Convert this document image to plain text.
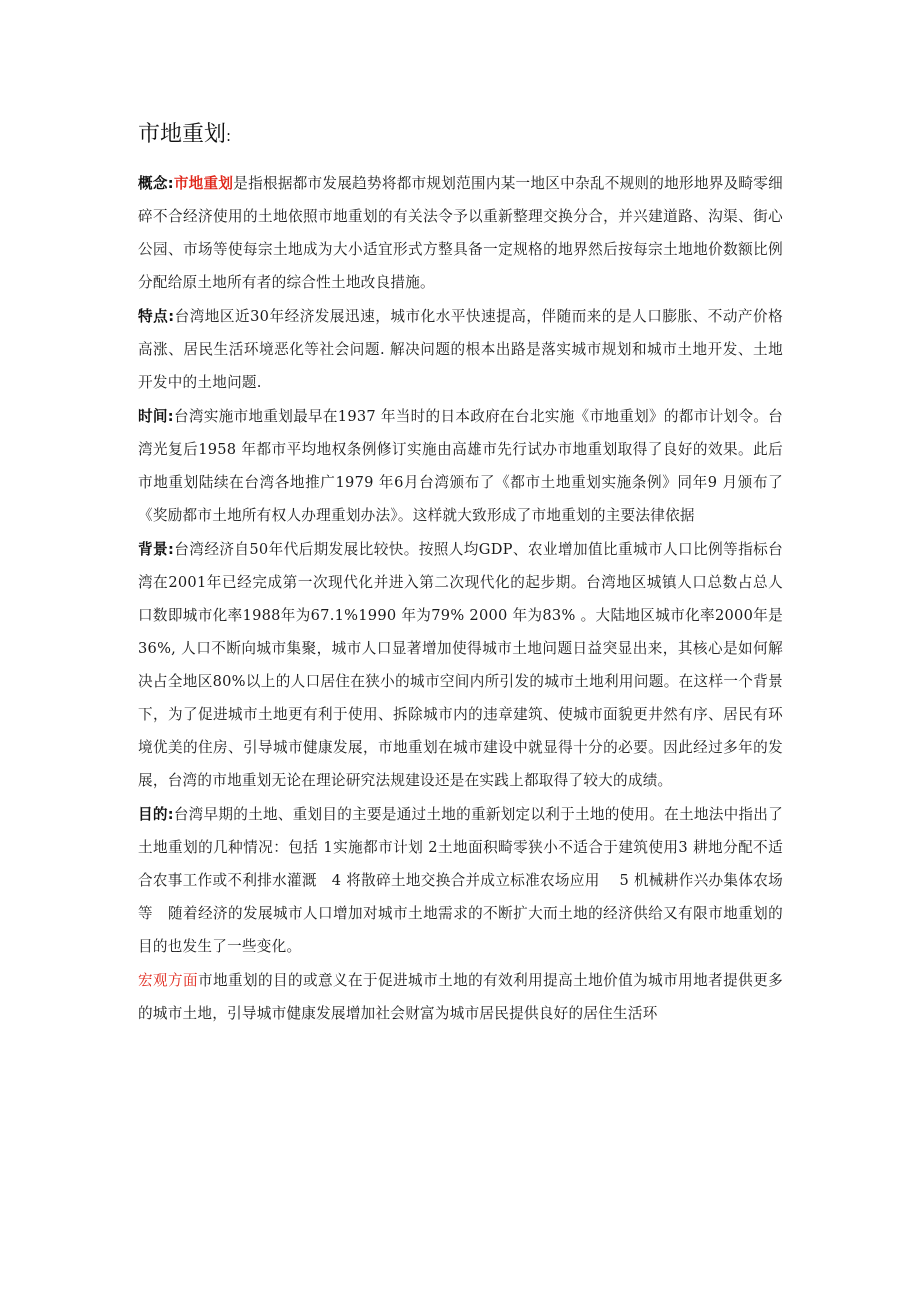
市地重划:

概念:市地重划是指根据都市发展趋势将都市规划范围内某一地区中杂乱不规则的地形地界及畸零细碎不合经济使用的土地依照市地重划的有关法令予以重新整理交换分合，并兴建道路、沟渠、街心公园、市场等使每宗土地成为大小适宜形式方整具备一定规格的地界然后按每宗土地地价数额比例分配给原土地所有者的综合性土地改良措施。

特点:台湾地区近30年经济发展迅速，城市化水平快速提高，伴随而来的是人口膨胀、不动产价格高涨、居民生活环境恶化等社会问题. 解决问题的根本出路是落实城市规划和城市土地开发、土地开发中的土地问题.

时间:台湾实施市地重划最早在1937 年当时的日本政府在台北实施《市地重划》的都市计划令。台湾光复后1958 年都市平均地权条例修订实施由高雄市先行试办市地重划取得了良好的效果。此后市地重划陆续在台湾各地推广1979 年6月台湾颁布了《都市土地重划实施条例》同年9 月颁布了《奖励都市土地所有权人办理重划办法》。这样就大致形成了市地重划的主要法律依据

背景:台湾经济自50年代后期发展比较快。按照人均GDP、农业增加值比重城市人口比例等指标台湾在2001年已经完成第一次现代化并进入第二次现代化的起步期。台湾地区城镇人口总数占总人口数即城市化率1988年为67.1%1990 年为79% 2000 年为83% 。大陆地区城市化率2000年是36%, 人口不断向城市集聚，城市人口显著增加使得城市土地问题日益突显出来，其核心是如何解决占全地区80%以上的人口居住在狭小的城市空间内所引发的城市土地利用问题。在这样一个背景下，为了促进城市土地更有利于使用、拆除城市内的违章建筑、使城市面貌更井然有序、居民有环境优美的住房、引导城市健康发展，市地重划在城市建设中就显得十分的必要。因此经过多年的发展，台湾的市地重划无论在理论研究法规建设还是在实践上都取得了较大的成绩。

目的:台湾早期的土地、重划目的主要是通过土地的重新划定以利于土地的使用。在土地法中指出了土地重划的几种情况：包括 1实施都市计划 2土地面积畸零狭小不适合于建筑使用3 耕地分配不适合农事工作或不利排水灌溉　4 将散碎土地交换合并成立标准农场应用　 5 机械耕作兴办集体农场等　随着经济的发展城市人口增加对城市土地需求的不断扩大而土地的经济供给又有限市地重划的目的也发生了一些变化。

宏观方面市地重划的目的或意义在于促进城市土地的有效利用提高土地价值为城市用地者提供更多的城市土地，引导城市健康发展增加社会财富为城市居民提供良好的居住生活环
